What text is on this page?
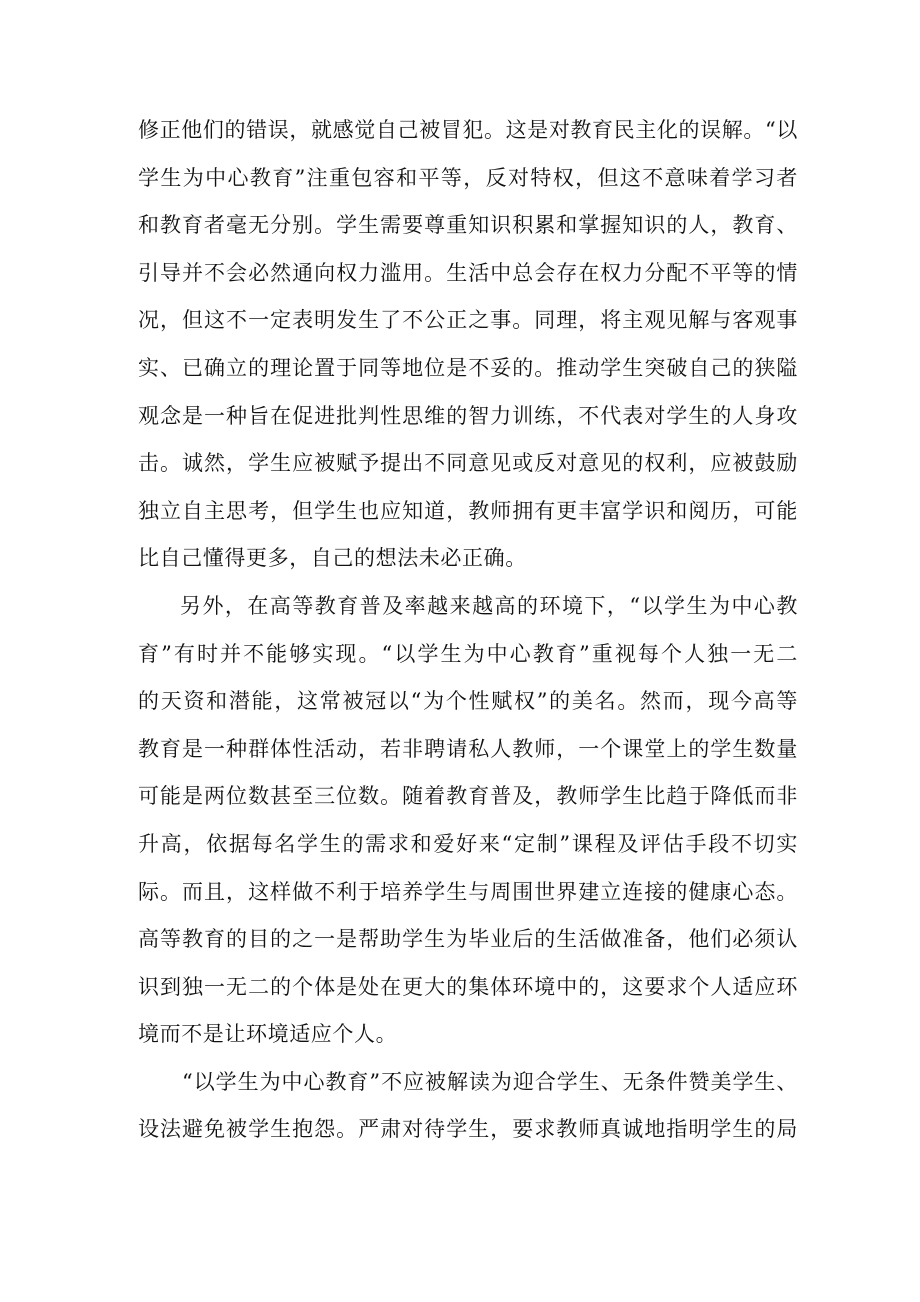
修正他们的错误，就感觉自己被冒犯。这是对教育民主化的误解。“以
学生为中心教育”注重包容和平等，反对特权，但这不意味着学习者
和教育者毫无分别。学生需要尊重知识积累和掌握知识的人，教育、
引导并不会必然通向权力滥用。生活中总会存在权力分配不平等的情
况，但这不一定表明发生了不公正之事。同理，将主观见解与客观事
实、已确立的理论置于同等地位是不妥的。推动学生突破自己的狭隘
观念是一种旨在促进批判性思维的智力训练，不代表对学生的人身攻
击。诚然，学生应被赋予提出不同意见或反对意见的权利，应被鼓励
独立自主思考，但学生也应知道，教师拥有更丰富学识和阅历，可能
比自己懂得更多，自己的想法未必正确。
另外，在高等教育普及率越来越高的环境下，“以学生为中心教
育”有时并不能够实现。“以学生为中心教育”重视每个人独一无二
的天资和潜能，这常被冠以“为个性赋权”的美名。然而，现今高等
教育是一种群体性活动，若非聘请私人教师，一个课堂上的学生数量
可能是两位数甚至三位数。随着教育普及，教师学生比趋于降低而非
升高，依据每名学生的需求和爱好来“定制”课程及评估手段不切实
际。而且，这样做不利于培养学生与周围世界建立连接的健康心态。
高等教育的目的之一是帮助学生为毕业后的生活做准备，他们必须认
识到独一无二的个体是处在更大的集体环境中的，这要求个人适应环
境而不是让环境适应个人。
“以学生为中心教育”不应被解读为迎合学生、无条件赞美学生、
设法避免被学生抱怨。严肃对待学生，要求教师真诚地指明学生的局
